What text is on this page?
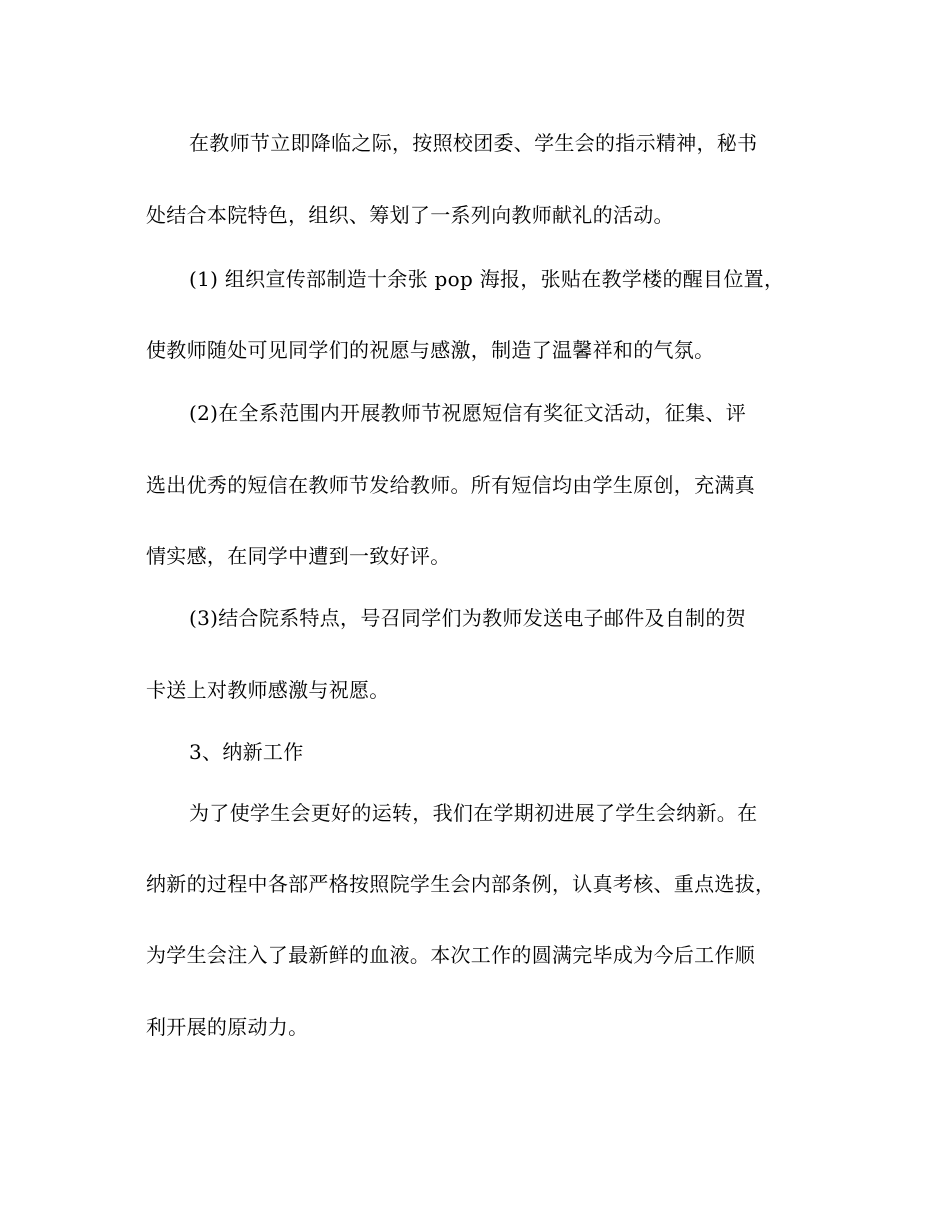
在教师节立即降临之际，按照校团委、学生会的指示精神，秘书
处结合本院特色，组织、筹划了一系列向教师献礼的活动。
(1) 组织宣传部制造十余张 pop 海报，张贴在教学楼的醒目位置，
使教师随处可见同学们的祝愿与感激，制造了温馨祥和的气氛。
(2)在全系范围内开展教师节祝愿短信有奖征文活动，征集、评
选出优秀的短信在教师节发给教师。所有短信均由学生原创，充满真
情实感，在同学中遭到一致好评。
(3)结合院系特点，号召同学们为教师发送电子邮件及自制的贺
卡送上对教师感激与祝愿。
3、纳新工作
为了使学生会更好的运转，我们在学期初进展了学生会纳新。在
纳新的过程中各部严格按照院学生会内部条例，认真考核、重点选拔，
为学生会注入了最新鲜的血液。本次工作的圆满完毕成为今后工作顺
利开展的原动力。
